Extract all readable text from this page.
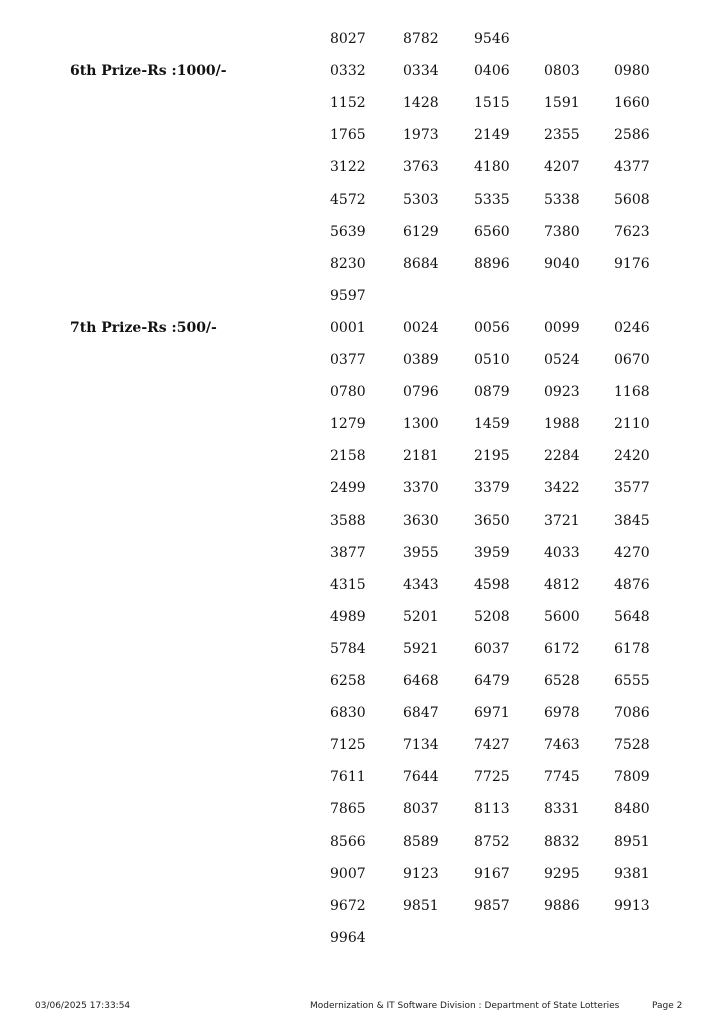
8027	8782	9546
6th Prize-Rs :1000/-	0332	0334	0406 0803 0980
1152	1428	1515 1591 1660
1765	1973	2149 2355 2586
3122	3763	4180 4207 4377
4572	5303	5335 5338 5608
5639	6129	6560 7380 7623
8230	8684	8896 9040 9176
9597
7th Prize-Rs :500/-	0001	0024	0056 0099 0246
0377	0389	0510 0524 0670
0780	0796	0879 0923 1168
1279	1300	1459 1988 2110
2158	2181	2195 2284 2420
2499	3370	3379 3422 3577
3588	3630	3650 3721 3845
3877	3955	3959 4033 4270
4315	4343	4598 4812 4876
4989	5201	5208 5600 5648
5784	5921	6037 6172 6178
6258	6468	6479 6528 6555
6830	6847	6971 6978 7086
7125	7134	7427 7463 7528
7611	7644	7725 7745 7809
7865	8037	8113 8331 8480
8566	8589	8752 8832 8951
9007	9123	9167 9295 9381
9672	9851	9857 9886 9913
9964
03/06/2025 17:33:54	Modernization & IT Software Division : Department of State Lotteries	Page 2
